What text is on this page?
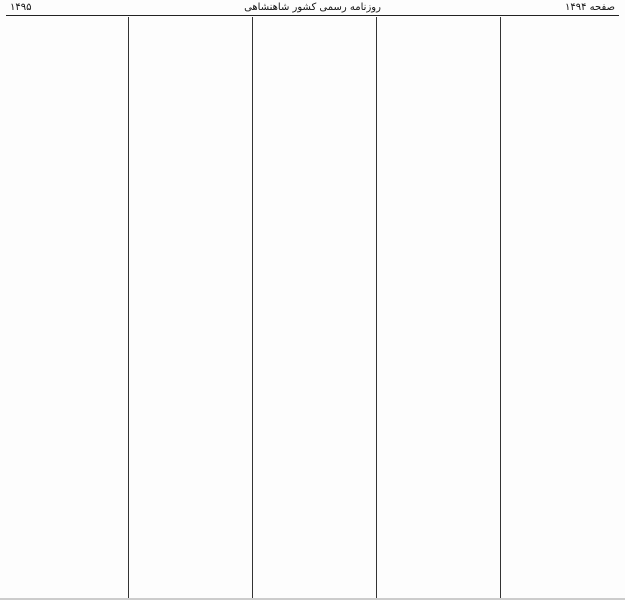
۱۴۹۵	روزنامه رسمی کشور شاهنشاهی	صفحه ۱۴۹۴
